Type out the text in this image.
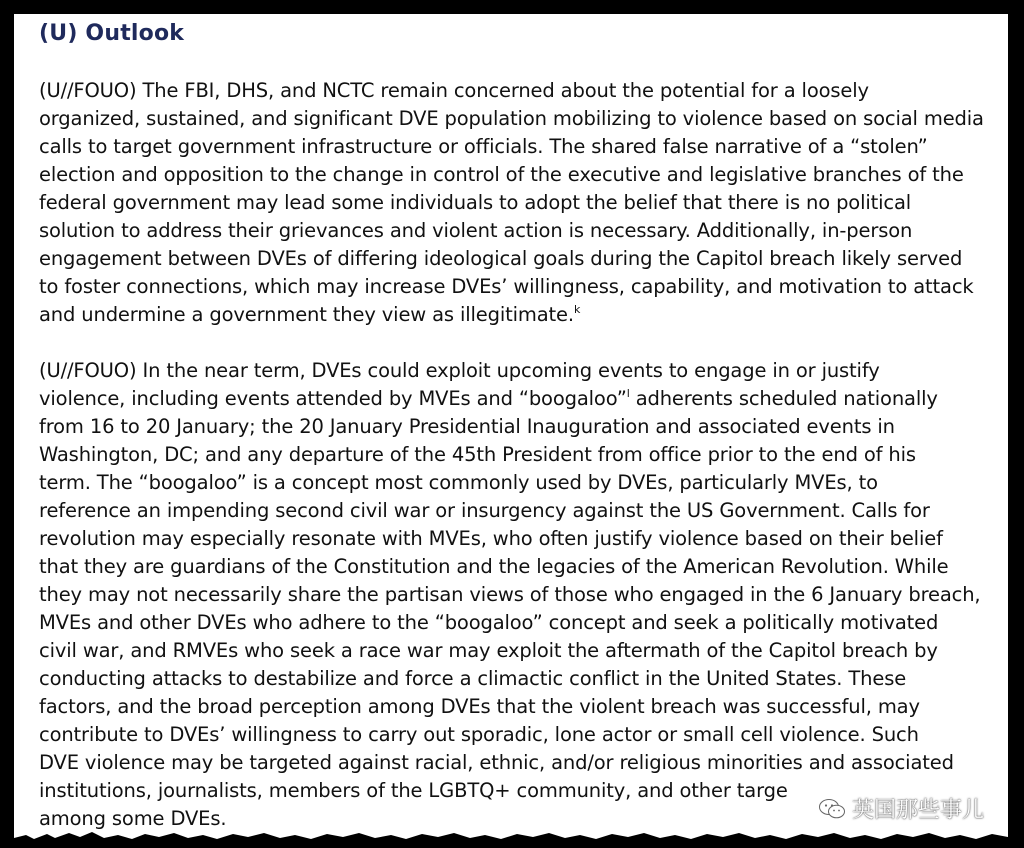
(U) Outlook
(U//FOUO) The FBI, DHS, and NCTC remain concerned about the potential for a loosely
organized, sustained, and significant DVE population mobilizing to violence based on social media
calls to target government infrastructure or officials. The shared false narrative of a “stolen”
election and opposition to the change in control of the executive and legislative branches of the
federal government may lead some individuals to adopt the belief that there is no political
solution to address their grievances and violent action is necessary. Additionally, in-person
engagement between DVEs of differing ideological goals during the Capitol breach likely served
to foster connections, which may increase DVEs’ willingness, capability, and motivation to attack
and undermine a government they view as illegitimate.$^k$
(U//FOUO) In the near term, DVEs could exploit upcoming events to engage in or justify
violence, including events attended by MVEs and “boogaloo”$^l$ adherents scheduled nationally
from 16 to 20 January; the 20 January Presidential Inauguration and associated events in
Washington, DC; and any departure of the 45th President from office prior to the end of his
term. The “boogaloo” is a concept most commonly used by DVEs, particularly MVEs, to
reference an impending second civil war or insurgency against the US Government. Calls for
revolution may especially resonate with MVEs, who often justify violence based on their belief
that they are guardians of the Constitution and the legacies of the American Revolution. While
they may not necessarily share the partisan views of those who engaged in the 6 January breach,
MVEs and other DVEs who adhere to the “boogaloo” concept and seek a politically motivated
civil war, and RMVEs who seek a race war may exploit the aftermath of the Capitol breach by
conducting attacks to destabilize and force a climactic conflict in the United States. These
factors, and the broad perception among DVEs that the violent breach was successful, may
contribute to DVEs’ willingness to carry out sporadic, lone actor or small cell violence. Such
DVE violence may be targeted against racial, ethnic, and/or religious minorities and associated
institutions, journalists, members of the LGBTQ+ community, and other targe
among some DVEs.	英国那些事儿
